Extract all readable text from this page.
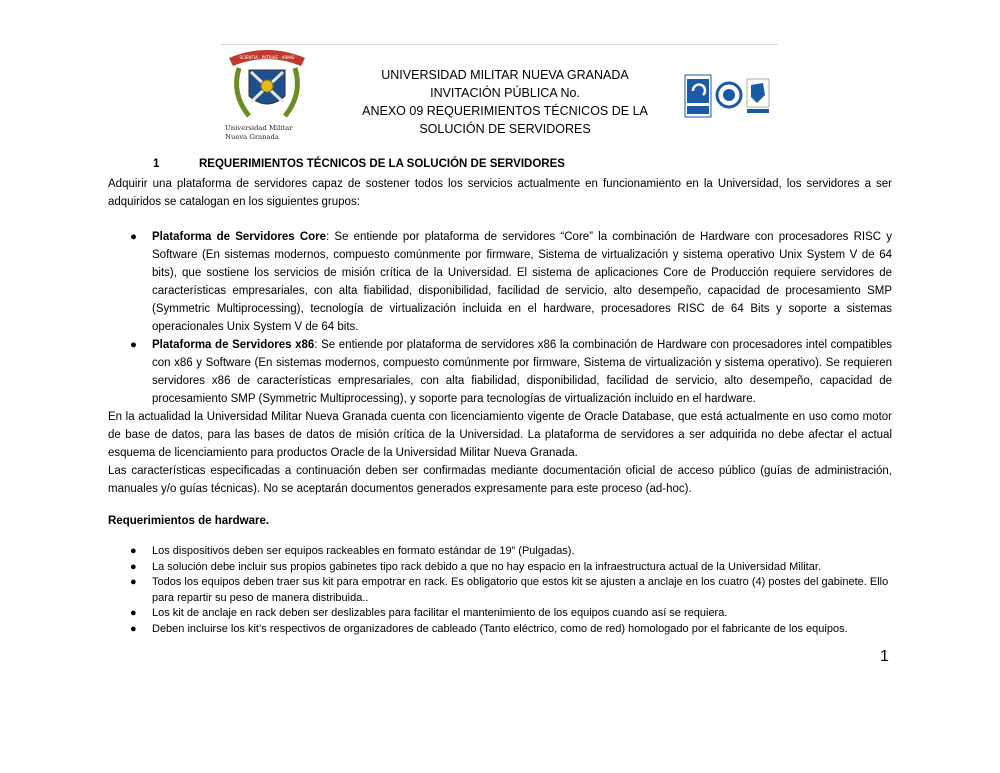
SCIENTIA · PATRIAE · ARMIS
Universidad Militar
Nueva Granada
UNIVERSIDAD MILITAR NUEVA GRANADA
INVITACIÓN PÚBLICA No.
ANEXO 09 REQUERIMIENTOS TÉCNICOS DE LA
SOLUCIÓN DE SERVIDORES
1	REQUERIMIENTOS TÉCNICOS DE LA SOLUCIÓN DE SERVIDORES
Adquirir una plataforma de servidores capaz de sostener todos los servicios actualmente en funcionamiento en la Universidad, los servidores a ser adquiridos se catalogan en los siguientes grupos:
● Plataforma de Servidores Core: Se entiende por plataforma de servidores “Core” la combinación de Hardware con procesadores RISC y Software (En sistemas modernos, compuesto comúnmente por firmware, Sistema de virtualización y sistema operativo Unix System V de 64 bits), que sostiene los servicios de misión crítica de la Universidad. El sistema de aplicaciones Core de Producción requiere servidores de características empresariales, con alta fiabilidad, disponibilidad, facilidad de servicio, alto desempeño, capacidad de procesamiento SMP (Symmetric Multiprocessing), tecnología de virtualización incluida en el hardware, procesadores RISC de 64 Bits y soporte a sistemas operacionales Unix System V de 64 bits.
● Plataforma de Servidores x86: Se entiende por plataforma de servidores x86 la combinación de Hardware con procesadores intel compatibles con x86 y Software (En sistemas modernos, compuesto comúnmente por firmware, Sistema de virtualización y sistema operativo). Se requieren servidores x86 de características empresariales, con alta fiabilidad, disponibilidad, facilidad de servicio, alto desempeño, capacidad de procesamiento SMP (Symmetric Multiprocessing), y soporte para tecnologías de virtualización incluido en el hardware.
En la actualidad la Universidad Militar Nueva Granada cuenta con licenciamiento vigente de Oracle Database, que está actualmente en uso como motor de base de datos, para las bases de datos de misión crítica de la Universidad. La plataforma de servidores a ser adquirida no debe afectar el actual esquema de licenciamiento para productos Oracle de la Universidad Militar Nueva Granada.
Las características especificadas a continuación deben ser confirmadas mediante documentación oficial de acceso público (guías de administración, manuales y/o guías técnicas). No se aceptarán documentos generados expresamente para este proceso (ad-hoc).
Requerimientos de hardware.
● Los dispositivos deben ser equipos rackeables en formato estándar de 19” (Pulgadas).
● La solución debe incluir sus propios gabinetes tipo rack debido a que no hay espacio en la infraestructura actual de la Universidad Militar.
● Todos los equipos deben traer sus kit para empotrar en rack. Es obligatorio que estos kit se ajusten a anclaje en los cuatro (4) postes del gabinete. Ello para repartir su peso de manera distribuida..
● Los kit de anclaje en rack deben ser deslizables para facilitar el mantenimiento de los equipos cuando así se requiera.
● Deben incluirse los kit’s respectivos de organizadores de cableado (Tanto eléctrico, como de red) homologado por el fabricante de los equipos.
1
